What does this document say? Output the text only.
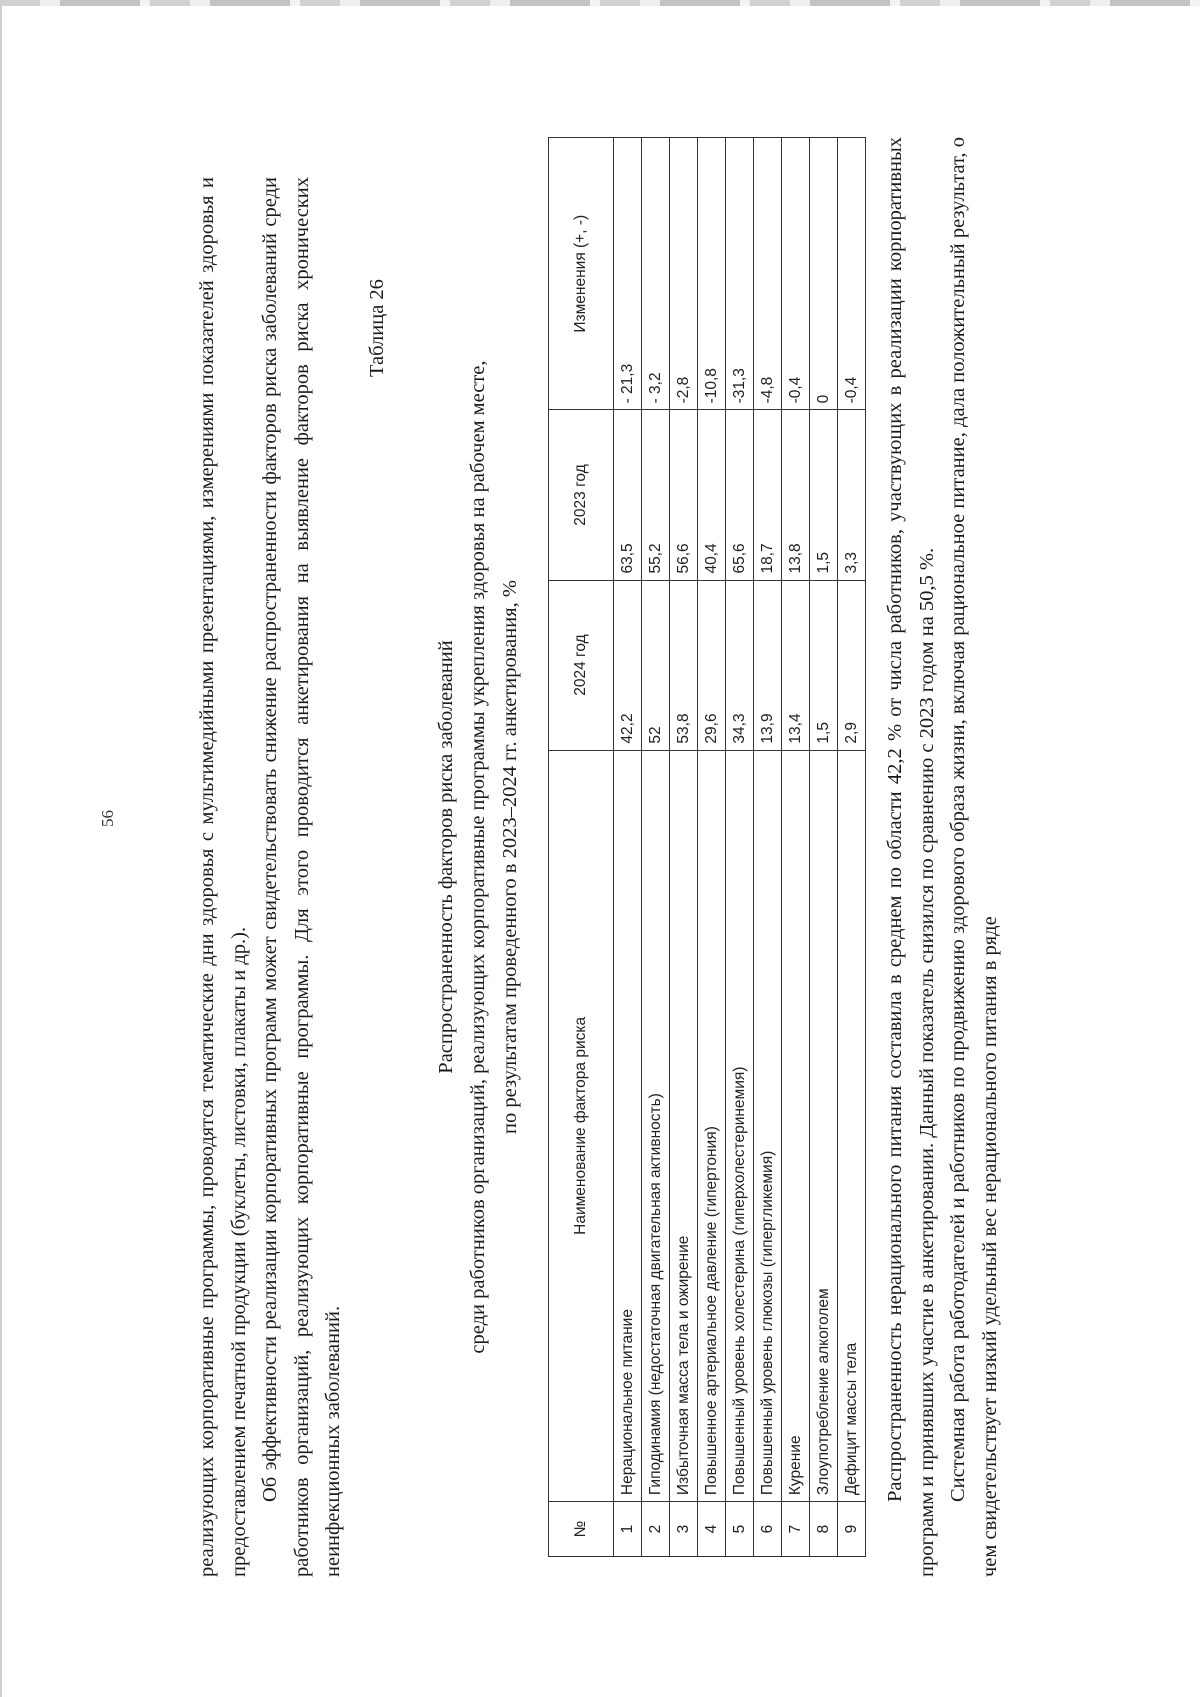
56	реализующих корпоративные программы, проводятся тематические дни здоровья с мультимедийными презентациями, измерениями показателей здоровья и предоставлением печатной продукции (буклеты, листовки, плакаты и др.). Об эффективности реализации корпоративных программ может свидетельствовать снижение распространенности факторов риска заболеваний среди работников организаций, реализующих корпоративные программы. Для этого проводится анкетирования на выявление факторов риска хронических неинфекционных заболеваний.
Таблица 26
Распространенность факторов риска заболеваний среди работников организаций, реализующих корпоративные программы укрепления здоровья на рабочем месте, по результатам проведенного в 2023–2024 гг. анкетирования, %
№	Наименование фактора риска	2024 год	2023 год	Изменения (+, -)
1	Нерациональное питание	42,2	63,5	- 21,3
2	Гиподинамия (недостаточная двигательная активность)	52	55,2	- 3,2
3	Избыточная масса тела и ожирение	53,8	56,6	-2,8
4	Повышенное артериальное давление (гипертония)	29,6	40,4	-10,8
5	Повышенный уровень холестерина (гиперхолестеринемия)	34,3	65,6	-31,3
6	Повышенный уровень глюкозы (гипергликемия)	13,9	18,7	-4,8
7	Курение	13,4	13,8	-0,4
8	Злоупотребление алкоголем	1,5	1,5	0
9	Дефицит массы тела	2,9	3,3	-0,4 Распространенность нерационального питания составила в среднем по области 42,2 % от числа работников, участвующих в реализации корпоративных программ и принявших участие в анкетировании. Данный показатель снизился по сравнению с 2023 годом на 50,5 %. Системная работа работодателей и работников по продвижению здорового образа жизни, включая рациональное питание, дала положительный результат, о чем свидетельствует низкий удельный вес нерационального питания в ряде
